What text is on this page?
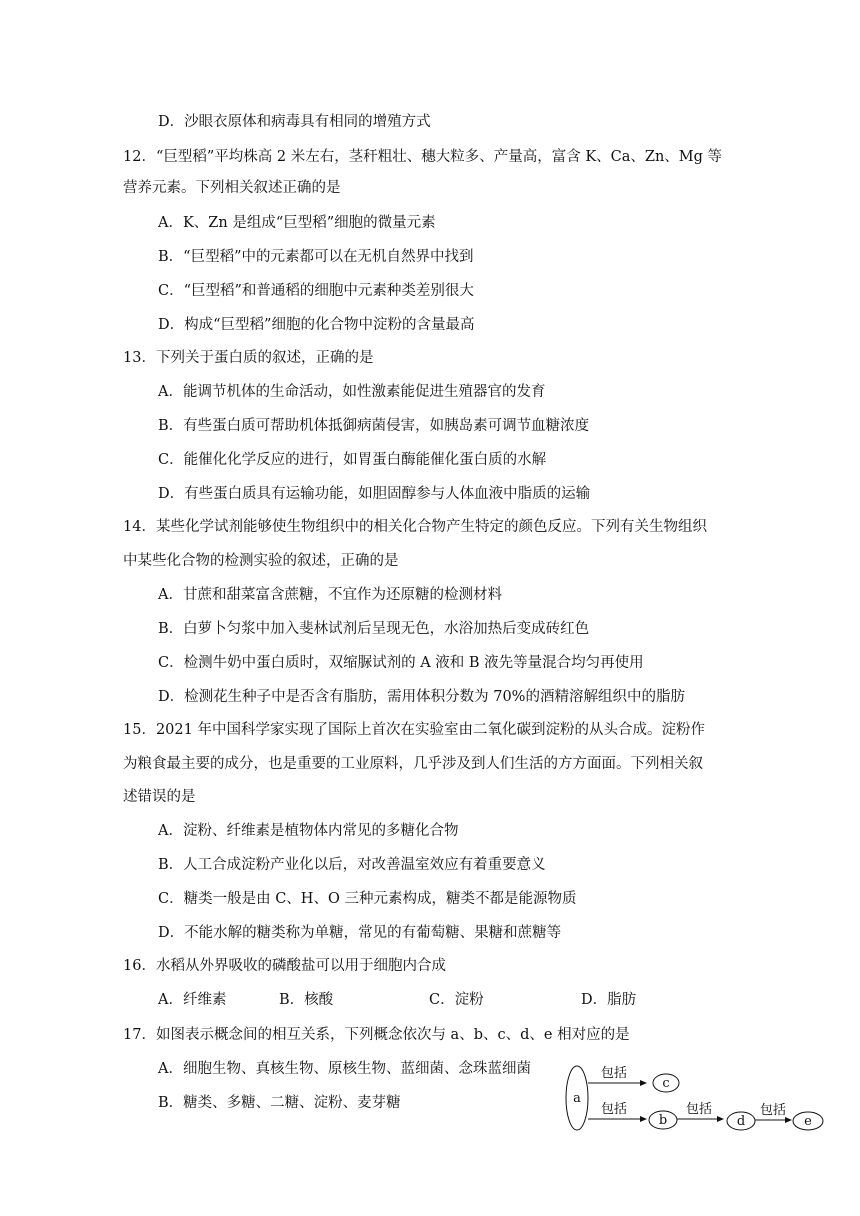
D．沙眼衣原体和病毒具有相同的增殖方式
12．“巨型稻”平均株高 2 米左右，茎秆粗壮、穗大粒多、产量高，富含 K、Ca、Zn、Mg 等
营养元素。下列相关叙述正确的是
A．K、Zn 是组成“巨型稻”细胞的微量元素
B．“巨型稻”中的元素都可以在无机自然界中找到
C．“巨型稻”和普通稻的细胞中元素种类差别很大
D．构成“巨型稻”细胞的化合物中淀粉的含量最高
13．下列关于蛋白质的叙述，正确的是
A．能调节机体的生命活动，如性激素能促进生殖器官的发育
B．有些蛋白质可帮助机体抵御病菌侵害，如胰岛素可调节血糖浓度
C．能催化化学反应的进行，如胃蛋白酶能催化蛋白质的水解
D．有些蛋白质具有运输功能，如胆固醇参与人体血液中脂质的运输
14．某些化学试剂能够使生物组织中的相关化合物产生特定的颜色反应。下列有关生物组织
中某些化合物的检测实验的叙述，正确的是
A．甘蔗和甜菜富含蔗糖，不宜作为还原糖的检测材料
B．白萝卜匀浆中加入斐林试剂后呈现无色，水浴加热后变成砖红色
C．检测牛奶中蛋白质时，双缩脲试剂的 A 液和 B 液先等量混合均匀再使用
D．检测花生种子中是否含有脂肪，需用体积分数为 70%的酒精溶解组织中的脂肪
15．2021 年中国科学家实现了国际上首次在实验室由二氧化碳到淀粉的从头合成。淀粉作
为粮食最主要的成分，也是重要的工业原料，几乎涉及到人们生活的方方面面。下列相关叙
述错误的是
A．淀粉、纤维素是植物体内常见的多糖化合物
B．人工合成淀粉产业化以后，对改善温室效应有着重要意义
C．糖类一般是由 C、H、O 三种元素构成，糖类不都是能源物质
D．不能水解的糖类称为单糖，常见的有葡萄糖、果糖和蔗糖等
16．水稻从外界吸收的磷酸盐可以用于细胞内合成
A．纤维素	B．核酸	C．淀粉	D．脂肪
17．如图表示概念间的相互关系，下列概念依次与 a、b、c、d、e 相对应的是
A．细胞生物、真核生物、原核生物、蓝细菌、念珠蓝细菌
B．糖类、多糖、二糖、淀粉、麦芽糖	a
包括
c
包括
b
包括
d
包括
e
